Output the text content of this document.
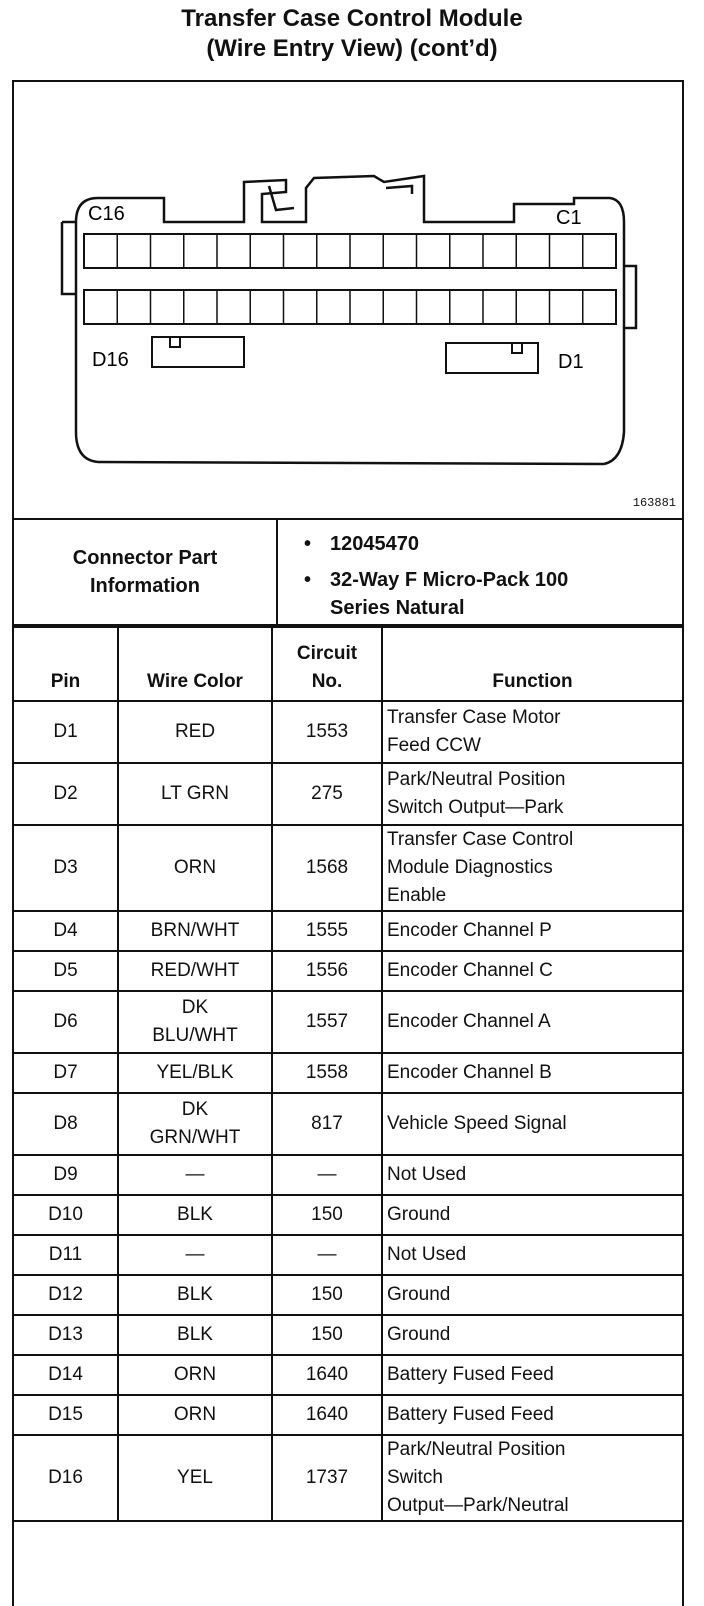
Transfer Case Control Module
(Wire Entry View) (cont’d)
C16	C1
D16	D1
163881
Connector Part
Information
• 12045470
• 32-Way F Micro-Pack 100
Series Natural
Pin	Wire Color	Circuit
No.	Function
D1	RED	1553	Transfer Case Motor
Feed CCW

D2	LT GRN	275	Park/Neutral Position
Switch Output—Park

D3	ORN	1568	Transfer Case Control
Module Diagnostics
Enable

D4	BRN/WHT	1555	Encoder Channel P

D5	RED/WHT	1556	Encoder Channel C

D6	DK
BLU/WHT	1557	Encoder Channel A

D7	YEL/BLK	1558	Encoder Channel B

D8	DK
GRN/WHT	817	Vehicle Speed Signal

D9	—	—	Not Used

D10	BLK	150	Ground

D11	—	—	Not Used

D12	BLK	150	Ground

D13	BLK	150	Ground

D14	ORN	1640	Battery Fused Feed

D15	ORN	1640	Battery Fused Feed

D16	YEL	1737	Park/Neutral Position
Switch
Output—Park/Neutral
